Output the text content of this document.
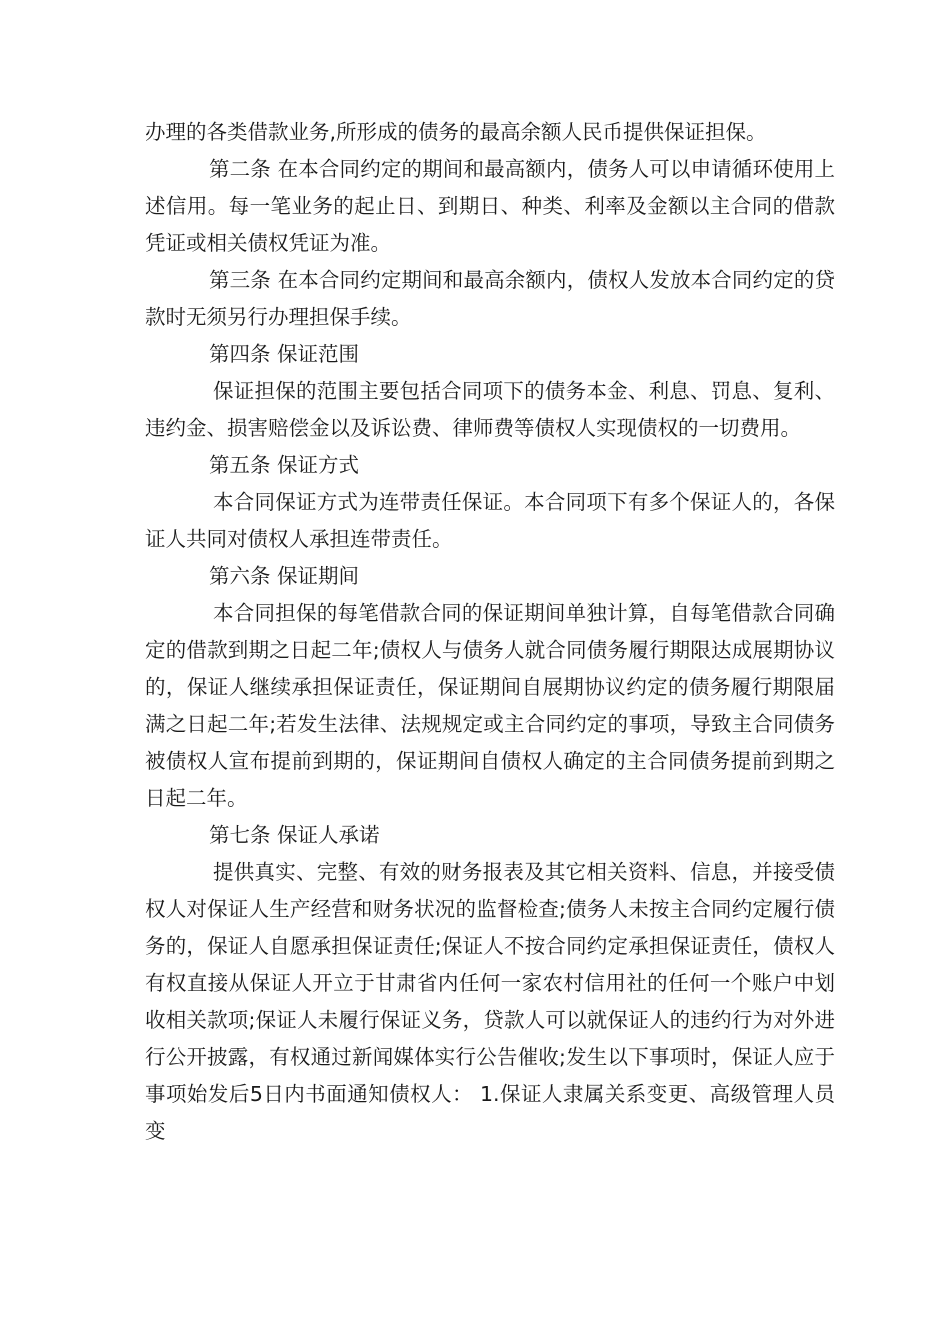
办理的各类借款业务,所形成的债务的最高余额人民币提供保证担保。

第二条 在本合同约定的期间和最高额内，债务人可以申请循环使用上述信用。每一笔业务的起止日、到期日、种类、利率及金额以主合同的借款凭证或相关债权凭证为准。

第三条 在本合同约定期间和最高余额内，债权人发放本合同约定的贷款时无须另行办理担保手续。

第四条 保证范围

保证担保的范围主要包括合同项下的债务本金、利息、罚息、复利、违约金、损害赔偿金以及诉讼费、律师费等债权人实现债权的一切费用。

第五条 保证方式

本合同保证方式为连带责任保证。本合同项下有多个保证人的，各保证人共同对债权人承担连带责任。

第六条 保证期间

本合同担保的每笔借款合同的保证期间单独计算，自每笔借款合同确定的借款到期之日起二年;债权人与债务人就合同债务履行期限达成展期协议的，保证人继续承担保证责任，保证期间自展期协议约定的债务履行期限届满之日起二年;若发生法律、法规规定或主合同约定的事项，导致主合同债务被债权人宣布提前到期的，保证期间自债权人确定的主合同债务提前到期之日起二年。

第七条 保证人承诺

提供真实、完整、有效的财务报表及其它相关资料、信息，并接受债权人对保证人生产经营和财务状况的监督检查;债务人未按主合同约定履行债务的，保证人自愿承担保证责任;保证人不按合同约定承担保证责任，债权人有权直接从保证人开立于甘肃省内任何一家农村信用社的任何一个账户中划收相关款项;保证人未履行保证义务，贷款人可以就保证人的违约行为对外进行公开披露，有权通过新闻媒体实行公告催收;发生以下事项时，保证人应于事项始发后5日内书面通知债权人： 1.保证人隶属关系变更、高级管理人员变
